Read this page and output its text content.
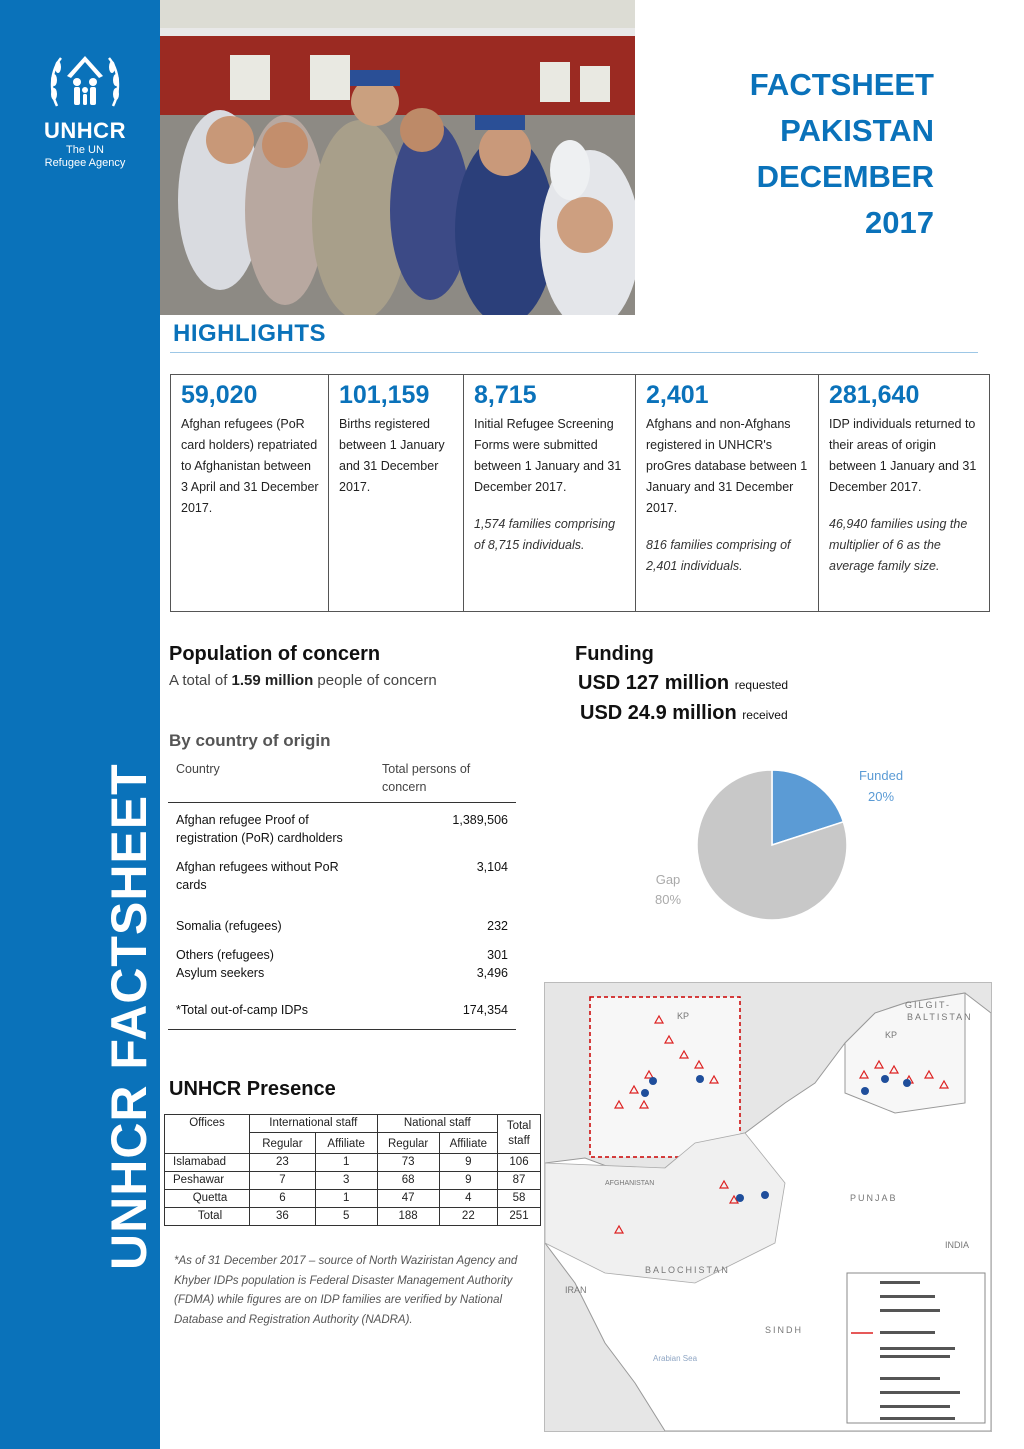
UNHCR
The UN
Refugee Agency
UNHCR FACTSHEET
FACTSHEET
PAKISTAN
DECEMBER
2017
HIGHLIGHTS
59,020
Afghan refugees (PoR card holders) repatriated to Afghanistan between 3 April and 31 December 2017.
101,159
Births registered between 1 January and 31 December 2017.
8,715
Initial Refugee Screening Forms were submitted between 1 January and 31 December 2017.
1,574 families comprising of 8,715 individuals.
2,401
Afghans and non-Afghans registered in UNHCR's proGres database between 1 January and 31 December 2017.
816 families comprising of 2,401 individuals.
281,640
IDP individuals returned to their areas of origin between 1 January and 31 December 2017.
46,940 families using the multiplier of 6 as the average family size.
Population of concern
A total of 1.59 million people of concern
By country of origin
Country	Total persons of concern
Afghan refugee Proof of registration (PoR) cardholders	1,389,506
Afghan refugees without PoR cards	3,104
Somalia (refugees)	232
Others (refugees)	301
Asylum seekers	3,496
*Total out-of-camp IDPs	174,354
UNHCR Presence
Offices	International staff		National staff		Total staff
	Regular	Affiliate	Regular	Affiliate	
Islamabad	23	1	73	9	106
Peshawar	7	3	68	9	87
Quetta	6	1	47	4	58
Total	36	5	188	22	251
*As of 31 December 2017 – source of North Waziristan Agency and Khyber IDPs population is Federal Disaster Management Authority (FDMA) while figures are on IDP families are verified by National Database and Registration Authority (NADRA).
Funding
USD 127 million requested
USD 24.9 million received
Funded
20%
Gap
80%
KP
GILGIT-
BALTISTAN
KP
AFGHANISTAN
PUNJAB
BALOCHISTAN
SINDH
IRAN
INDIA
Arabian Sea
